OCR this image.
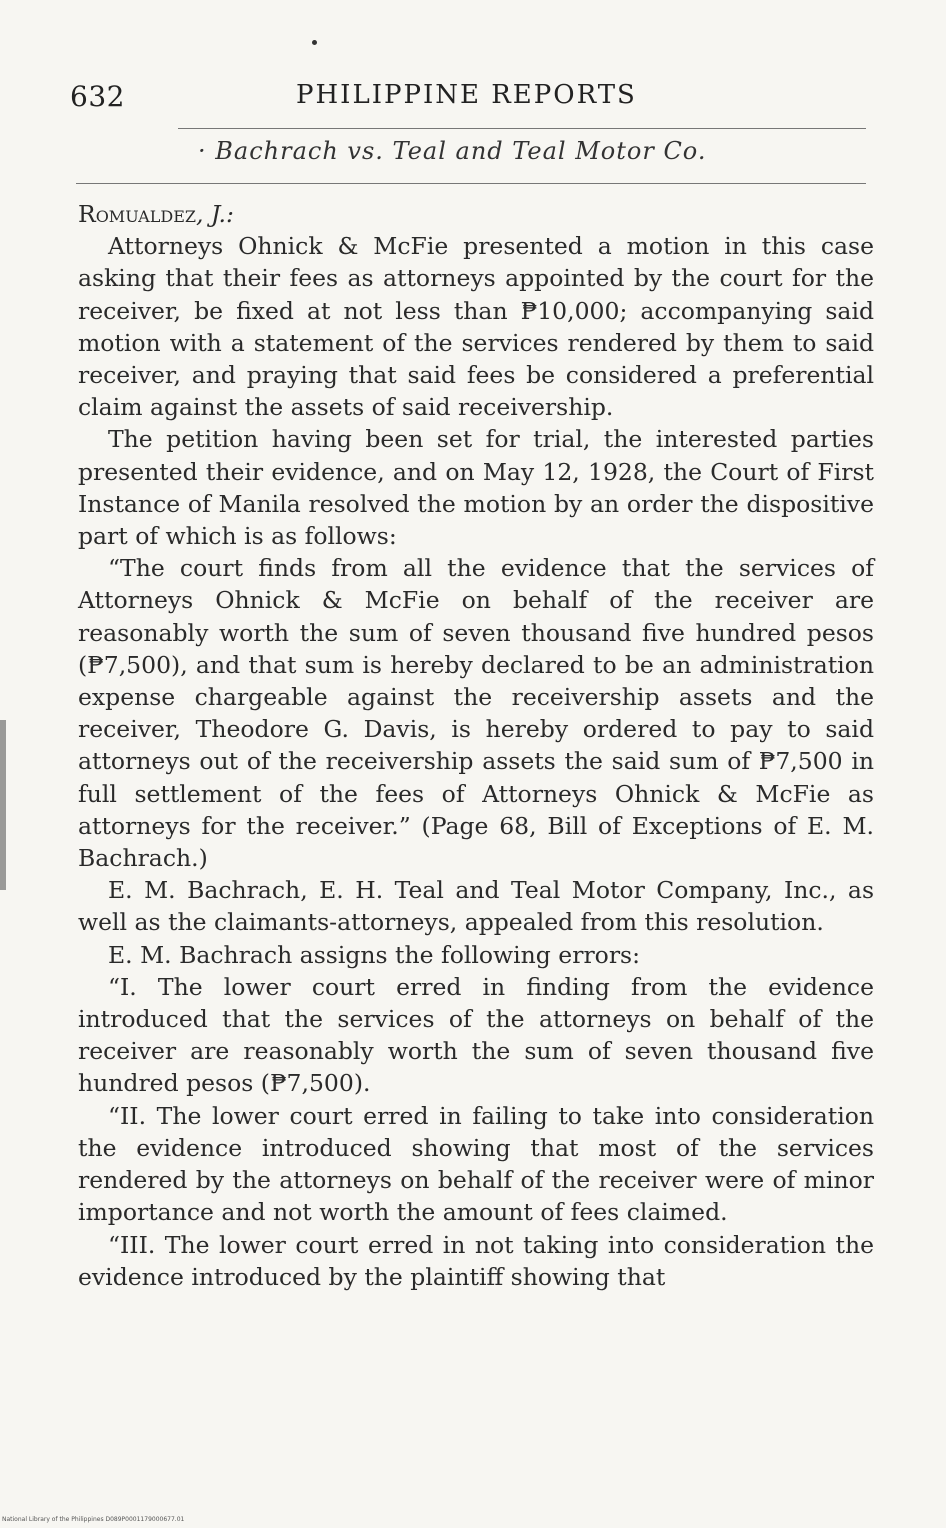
632	PHILIPPINE REPORTS
· Bachrach vs. Teal and Teal Motor Co.

Romualdez, J.:

Attorneys Ohnick & McFie presented a motion in this case asking that their fees as attorneys appointed by the court for the receiver, be fixed at not less than ₱10,000; accompanying said motion with a statement of the services rendered by them to said receiver, and praying that said fees be considered a preferential claim against the assets of said receivership.

The petition having been set for trial, the interested parties presented their evidence, and on May 12, 1928, the Court of First Instance of Manila resolved the motion by an order the dispositive part of which is as follows:

“The court finds from all the evidence that the services of Attorneys Ohnick & McFie on behalf of the receiver are reasonably worth the sum of seven thousand five hundred pesos (₱7,500), and that sum is hereby declared to be an administration expense chargeable against the receivership assets and the receiver, Theodore G. Davis, is hereby ordered to pay to said attorneys out of the receivership assets the said sum of ₱7,500 in full settlement of the fees of Attorneys Ohnick & McFie as attorneys for the receiver.” (Page 68, Bill of Exceptions of E. M. Bachrach.)

E. M. Bachrach, E. H. Teal and Teal Motor Company, Inc., as well as the claimants-attorneys, appealed from this resolution.

E. M. Bachrach assigns the following errors:

“I. The lower court erred in finding from the evidence introduced that the services of the attorneys on behalf of the receiver are reasonably worth the sum of seven thousand five hundred pesos (₱7,500).

“II. The lower court erred in failing to take into consideration the evidence introduced showing that most of the services rendered by the attorneys on behalf of the receiver were of minor importance and not worth the amount of fees claimed.

“III. The lower court erred in not taking into consideration the evidence introduced by the plaintiff showing that

National Library of the Philippines D089P0001179000677.01
